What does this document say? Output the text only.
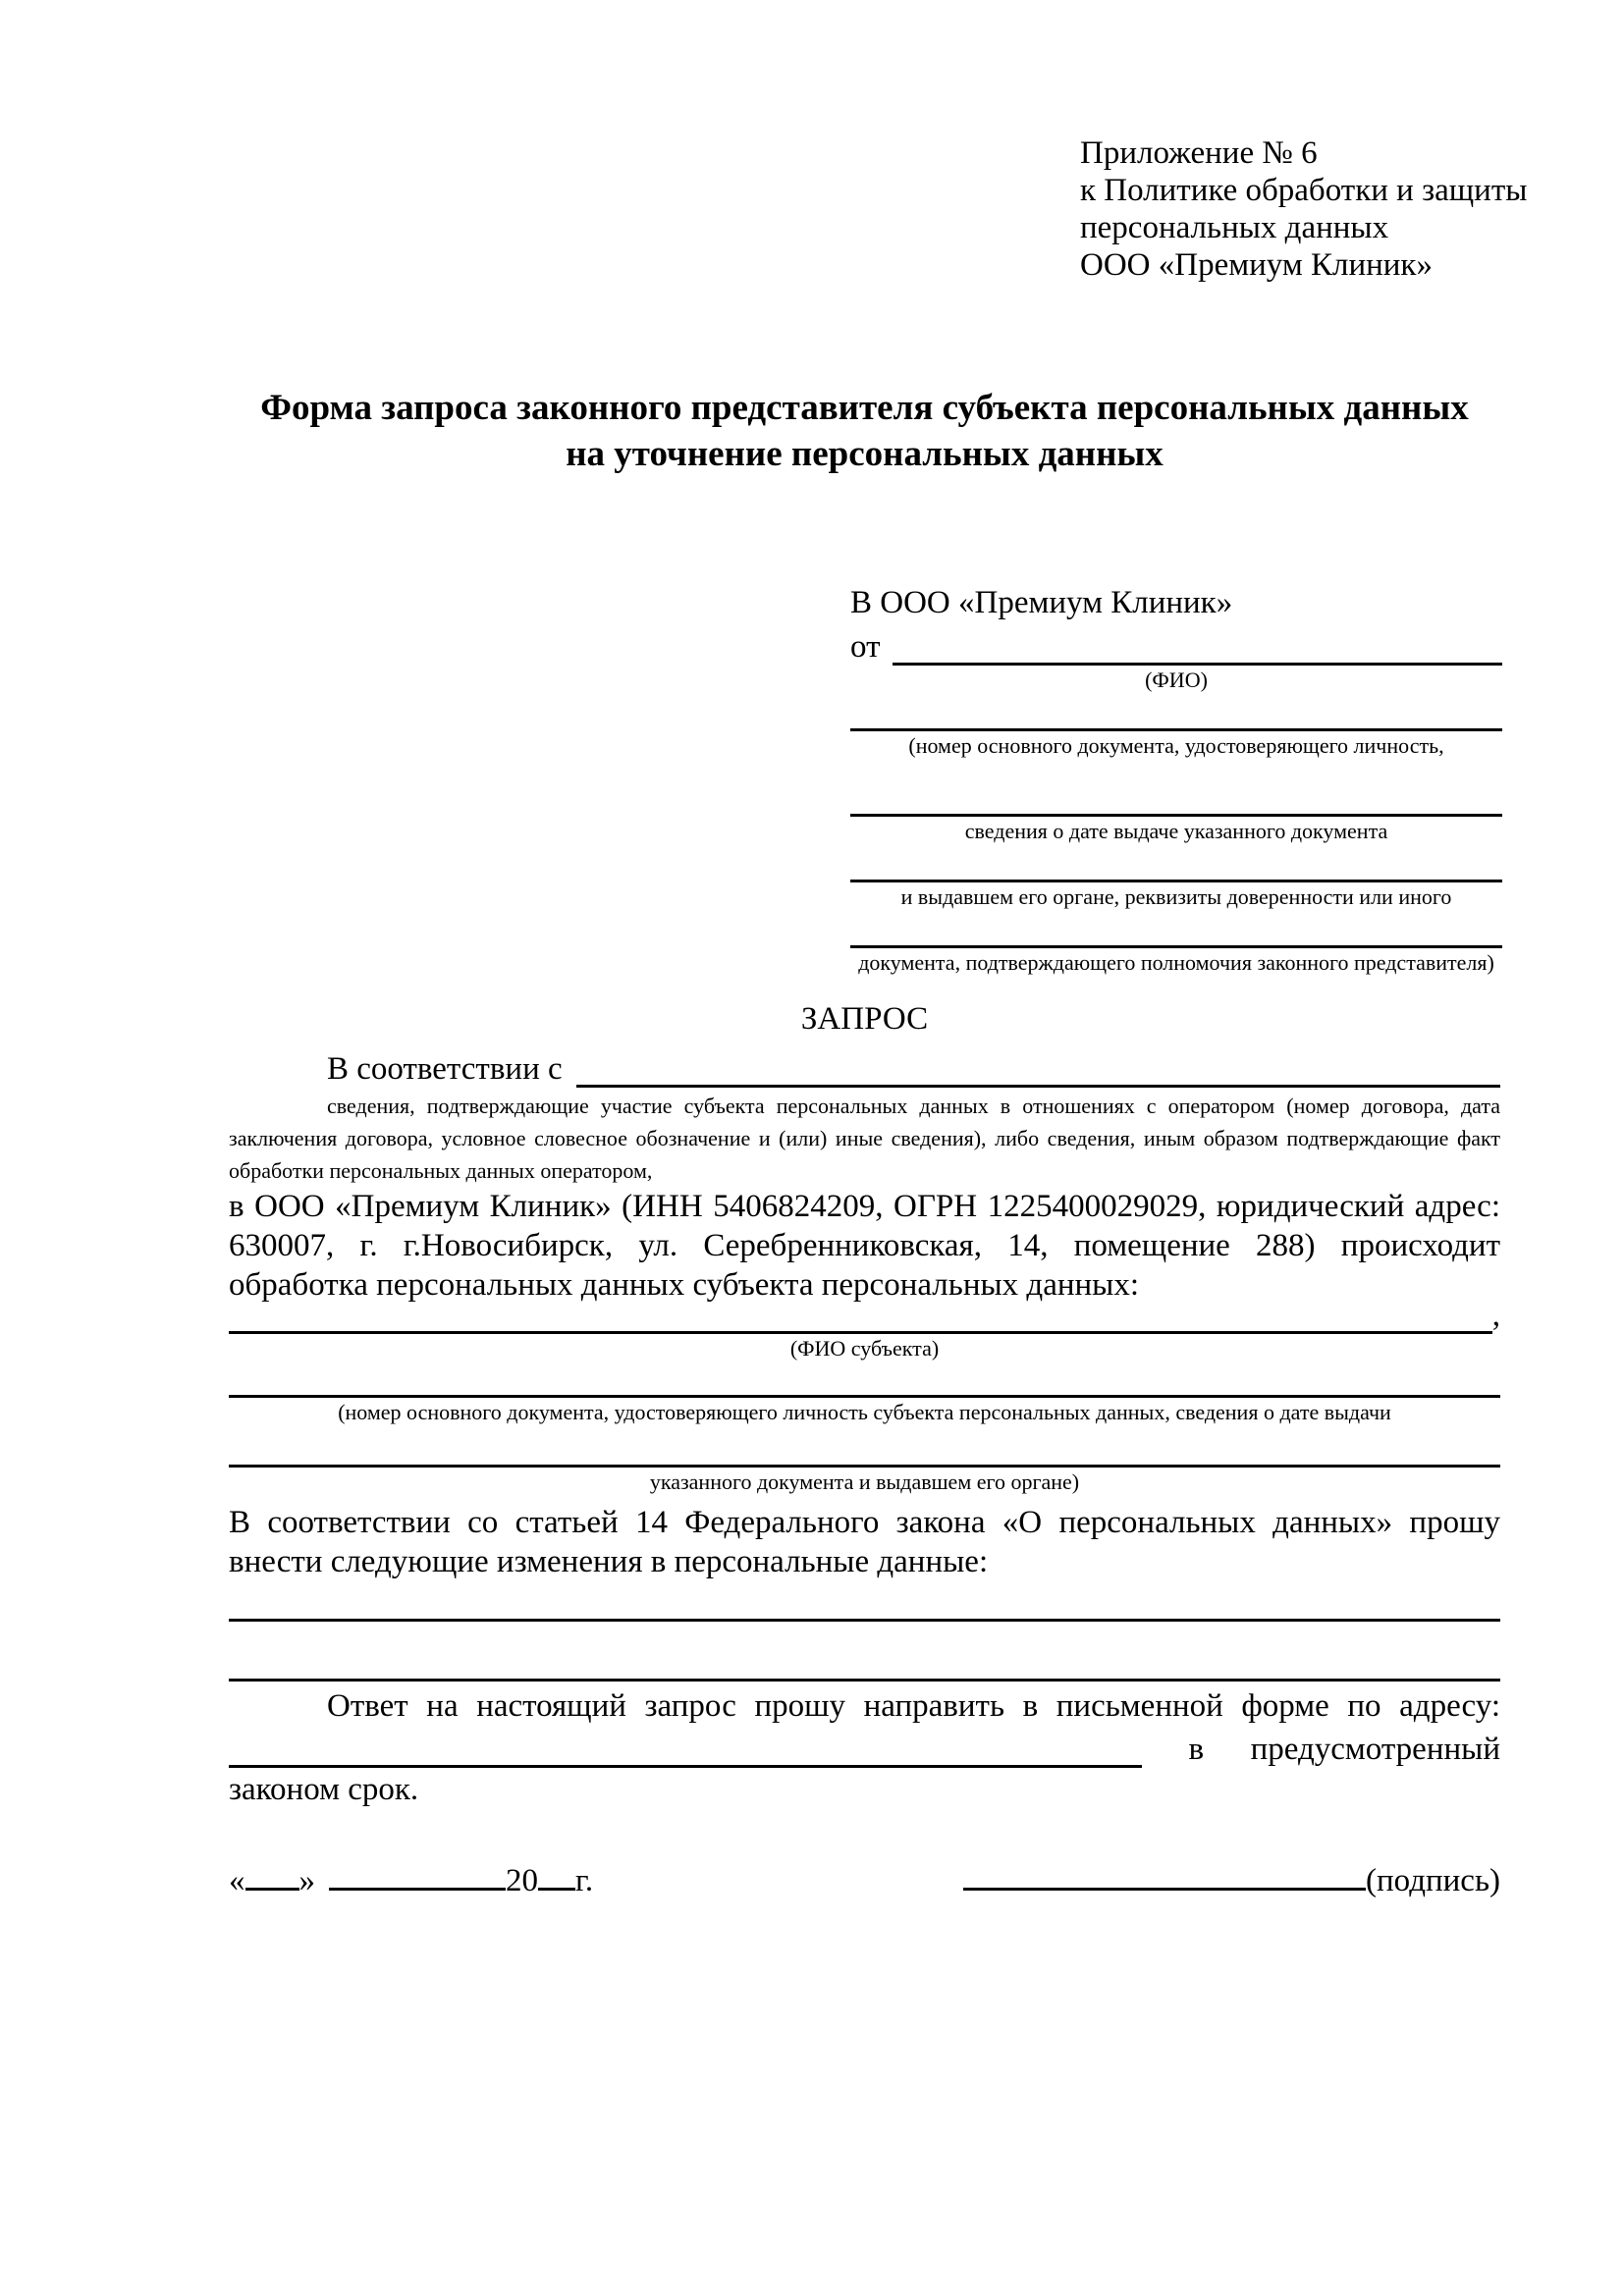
Приложение № 6
к Политике обработки и защиты
персональных данных
ООО «Премиум Клиник»
Форма запроса законного представителя субъекта персональных данных
на уточнение персональных данных
В ООО «Премиум Клиник»
от
(ФИО)
(номер основного документа, удостоверяющего личность,
сведения о дате выдаче указанного документа
и выдавшем его органе, реквизиты доверенности или иного
документа, подтверждающего полномочия законного представителя)
ЗАПРОС
В соответствии с
сведения, подтверждающие участие субъекта персональных данных в отношениях с оператором (номер договора, дата заключения договора, условное словесное обозначение и (или) иные сведения), либо сведения, иным образом подтверждающие факт обработки персональных данных оператором,

в ООО «Премиум Клиник» (ИНН 5406824209, ОГРН 1225400029029, юридический адрес: 630007, г. г.Новосибирск, ул. Серебренниковская, 14, помещение 288) происходит обработка персональных данных субъекта персональных данных:

,
(ФИО субъекта)
(номер основного документа, удостоверяющего личность субъекта персональных данных, сведения о дате выдачи
указанного документа и выдавшем его органе)

В соответствии со статьей 14 Федерального закона «О персональных данных» прошу внести следующие изменения в персональные данные:

Ответ на настоящий запрос прошу направить в письменной форме по адресу:
в предусмотренный
законом срок.
« »	20 г.	(подпись)
